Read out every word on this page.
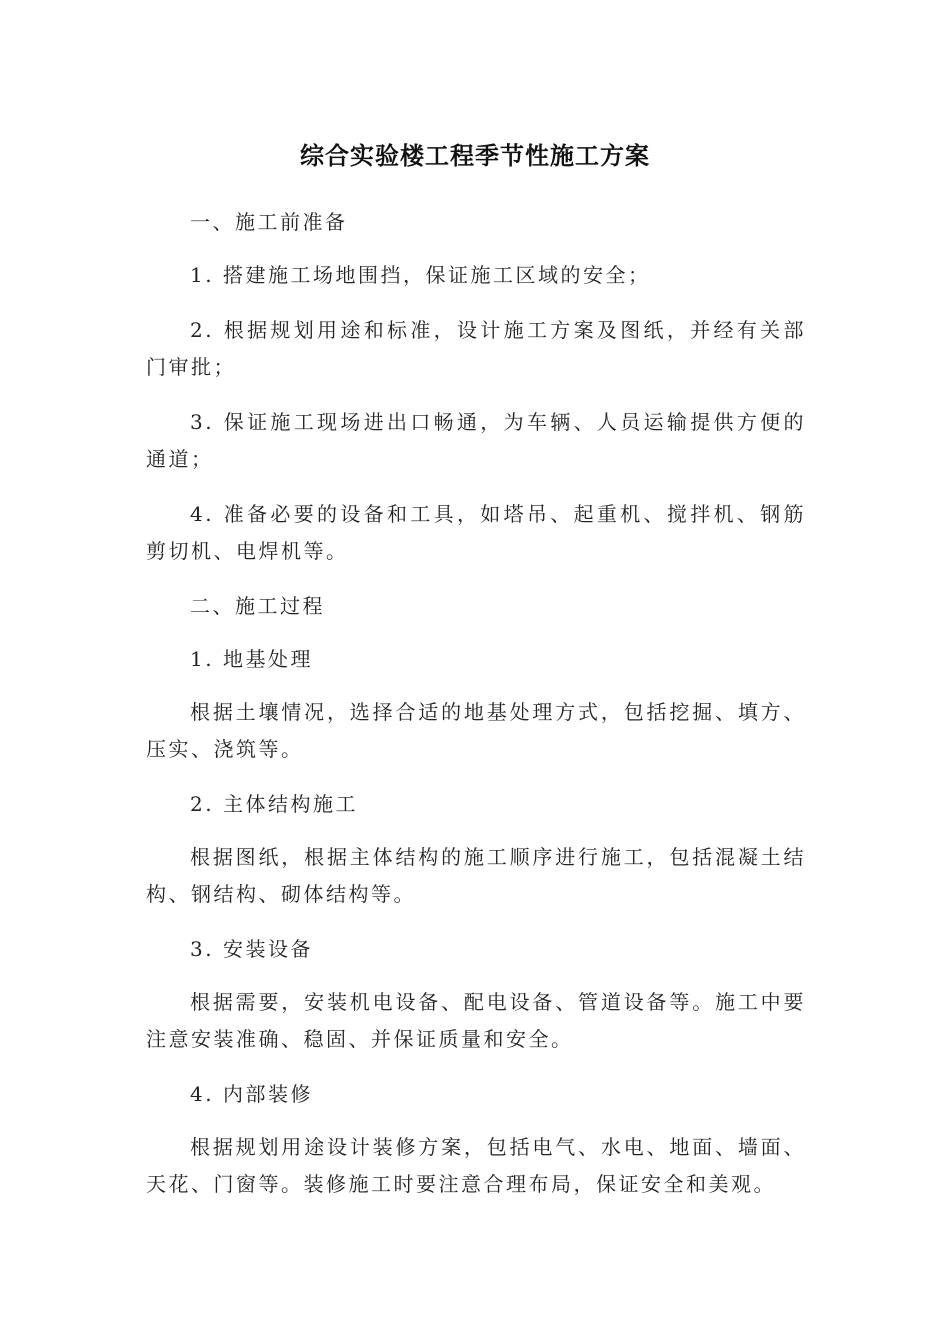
综合实验楼工程季节性施工方案

一、施工前准备

1. 搭建施工场地围挡，保证施工区域的安全；

2. 根据规划用途和标准，设计施工方案及图纸，并经有关部门审批；

3. 保证施工现场进出口畅通，为车辆、人员运输提供方便的通道；

4. 准备必要的设备和工具，如塔吊、起重机、搅拌机、钢筋剪切机、电焊机等。

二、施工过程

1. 地基处理

根据土壤情况，选择合适的地基处理方式，包括挖掘、填方、压实、浇筑等。

2. 主体结构施工

根据图纸，根据主体结构的施工顺序进行施工，包括混凝土结构、钢结构、砌体结构等。

3. 安装设备

根据需要，安装机电设备、配电设备、管道设备等。施工中要注意安装准确、稳固、并保证质量和安全。

4. 内部装修

根据规划用途设计装修方案，包括电气、水电、地面、墙面、天花、门窗等。装修施工时要注意合理布局，保证安全和美观。
